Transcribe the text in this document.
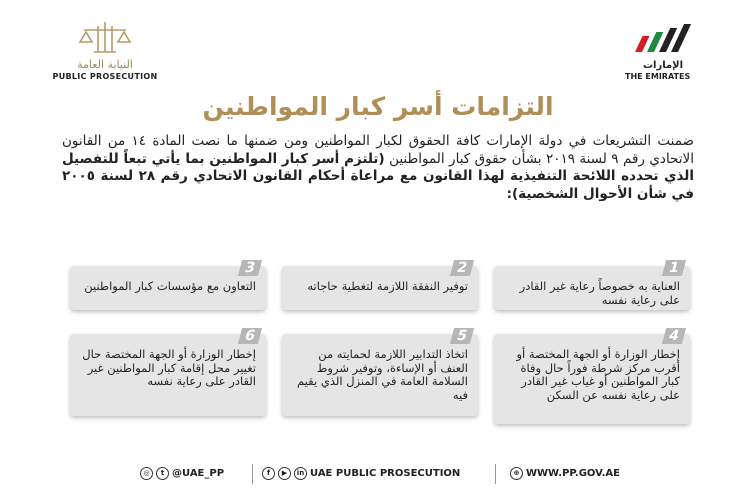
النيابة العامة
PUBLIC PROSECUTION
الإمارات
THE EMIRATES
التزامات أسر كبار المواطنين
ضمنت التشريعات في دولة الإمارات كافة الحقوق لكبار المواطنين ومن ضمنها ما نصت المادة ١٤ من القانون الاتحادي رقم ٩ لسنة ٢٠١٩ بشأن حقوق كبار المواطنين (تلتزم أسر كبار المواطنين بما يأتي تبعاً للتفصيل الذي تحدده اللائحة التنفيذية لهذا القانون مع مراعاة أحكام القانون الاتحادي رقم ٢٨ لسنة ٢٠٠٥ في شأن الأحوال الشخصية):
1
العناية به خصوصاً رعاية غير القادر على رعاية نفسه
2
توفير النفقة اللازمة لتغطية حاجاته
3
التعاون مع مؤسسات كبار المواطنين
4
إخطار الوزارة أو الجهة المختصة أو أقرب مركز شرطة فوراً حال وفاة كبار المواطنين أو غياب غير القادر على رعاية نفسه عن السكن
5
اتخاذ التدابير اللازمة لحمايته من العنف أو الإساءة، وتوفير شروط السلامة العامة في المنزل الذي يقيم فيه
6
إخطار الوزارة أو الجهة المختصة حال تغيير محل إقامة كبار المواطنين غير القادر على رعاية نفسه
◎	t @UAE_PP	f	▶	in UAE PUBLIC PROSECUTION	⊕ WWW.PP.GOV.AE
